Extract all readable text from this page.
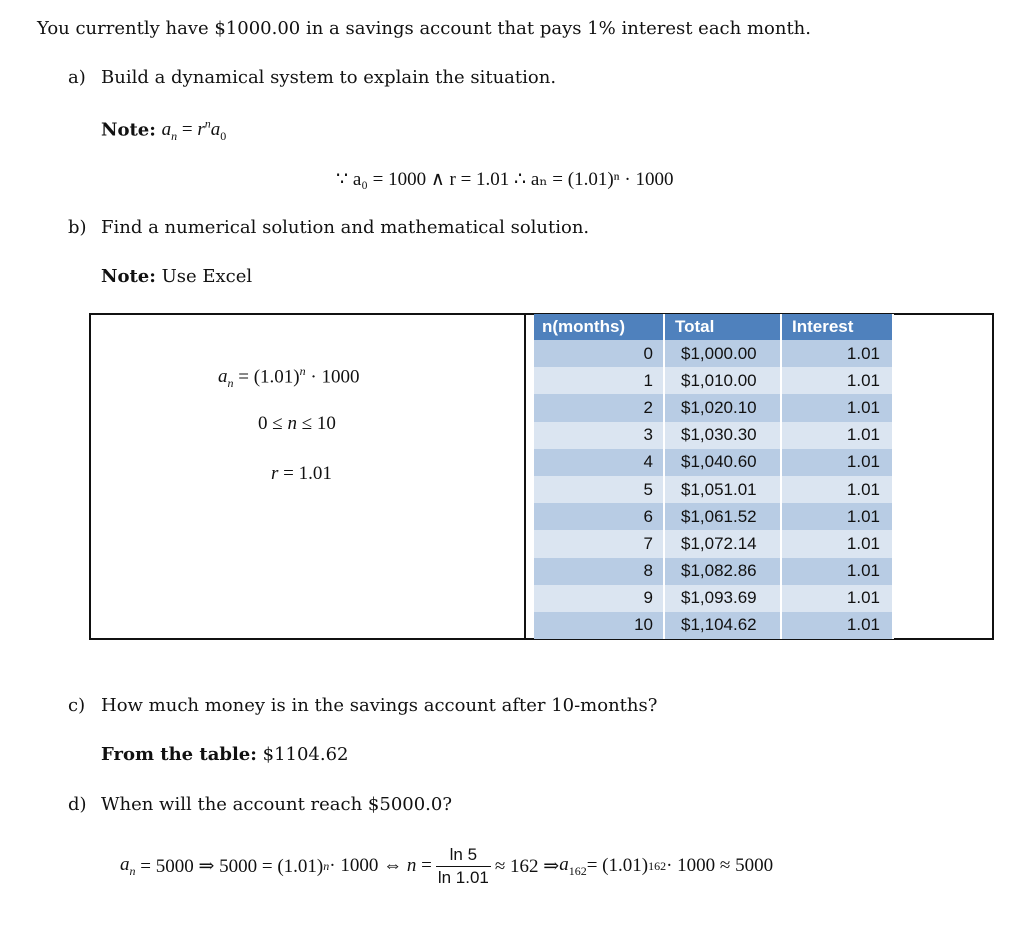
You currently have $1000.00 in a savings account that pays 1% interest each month.
a) Build a dynamical system to explain the situation.
Note: $a_n = r^na_0$
∵ a₀ = 1000 ∧ r = 1.01 ∴ aₙ = (1.01)ⁿ · 1000
b) Find a numerical solution and mathematical solution.
Note: Use Excel
$a_n = (1.01)^n \cdot 1000$
0 ≤ n ≤ 10
r = 1.01
n(months)	Total	Interest
0	$1,000.00	1.01
1	$1,010.00	1.01
2	$1,020.10	1.01
3	$1,030.30	1.01
4	$1,040.60	1.01
5	$1,051.01	1.01
6	$1,061.52	1.01
7	$1,072.14	1.01
8	$1,082.86	1.01
9	$1,093.69	1.01
10	$1,104.62	1.01
c) How much money is in the savings account after 10-months?
From the table: $1104.62
d) When will the account reach $5000.0?
$a_n = 5000$ ⇒ 5000 = (1.01) n · 1000 ⇔ $n = \frac{\ln 5}{\ln 1.01} \approx 162$ ⇒ $a_{162} = (1.01) 162 \cdot 1000 \approx 5000$
